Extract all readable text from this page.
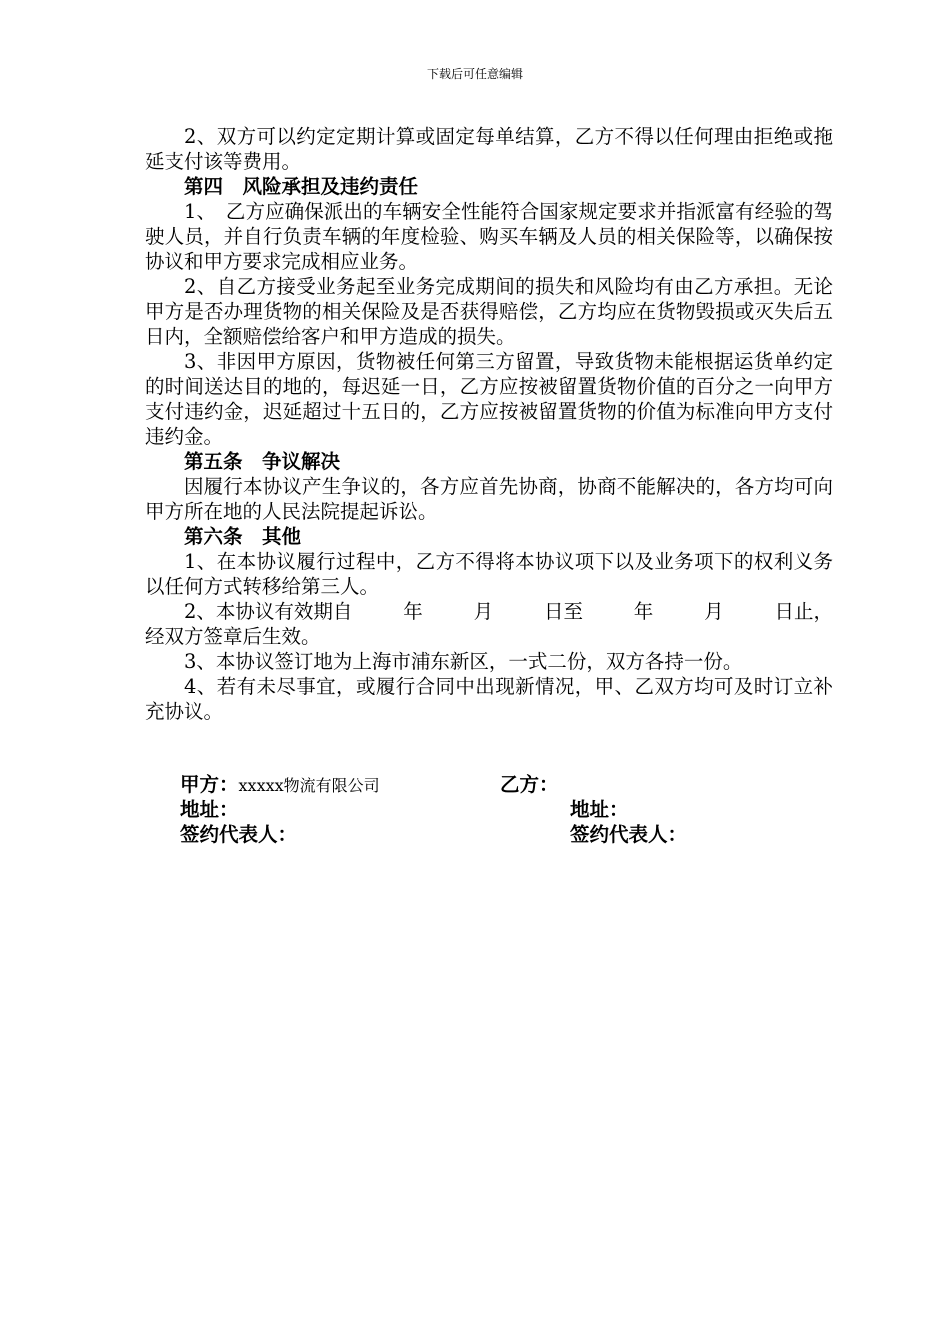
下载后可任意编辑

2、双方可以约定定期计算或固定每单结算，乙方不得以任何理由拒绝或拖延支付该等费用。

第四　风险承担及违约责任

1、　乙方应确保派出的车辆安全性能符合国家规定要求并指派富有经验的驾驶人员，并自行负责车辆的年度检验、购买车辆及人员的相关保险等，以确保按协议和甲方要求完成相应业务。

2、自乙方接受业务起至业务完成期间的损失和风险均有由乙方承担。无论甲方是否办理货物的相关保险及是否获得赔偿，乙方均应在货物毁损或灭失后五日内，全额赔偿给客户和甲方造成的损失。

3、非因甲方原因，货物被任何第三方留置，导致货物未能根据运货单约定的时间送达目的地的，每迟延一日，乙方应按被留置货物价值的百分之一向甲方支付违约金，迟延超过十五日的，乙方应按被留置货物的价值为标准向甲方支付违约金。

第五条　争议解决

因履行本协议产生争议的，各方应首先协商，协商不能解决的，各方均可向甲方所在地的人民法院提起诉讼。

第六条　其他

1、在本协议履行过程中，乙方不得将本协议项下以及业务项下的权利义务以任何方式转移给第三人。

2、本协议有效期自	年	月	日至	年	月	日止，

经双方签章后生效。

3、本协议签订地为上海市浦东新区，一式二份，双方各持一份。

4、若有未尽事宜，或履行合同中出现新情况，甲、乙双方均可及时订立补充协议。

甲方：xxxxx物流有限公司	乙方：
地址：	地址：
签约代表人：	签约代表人：
